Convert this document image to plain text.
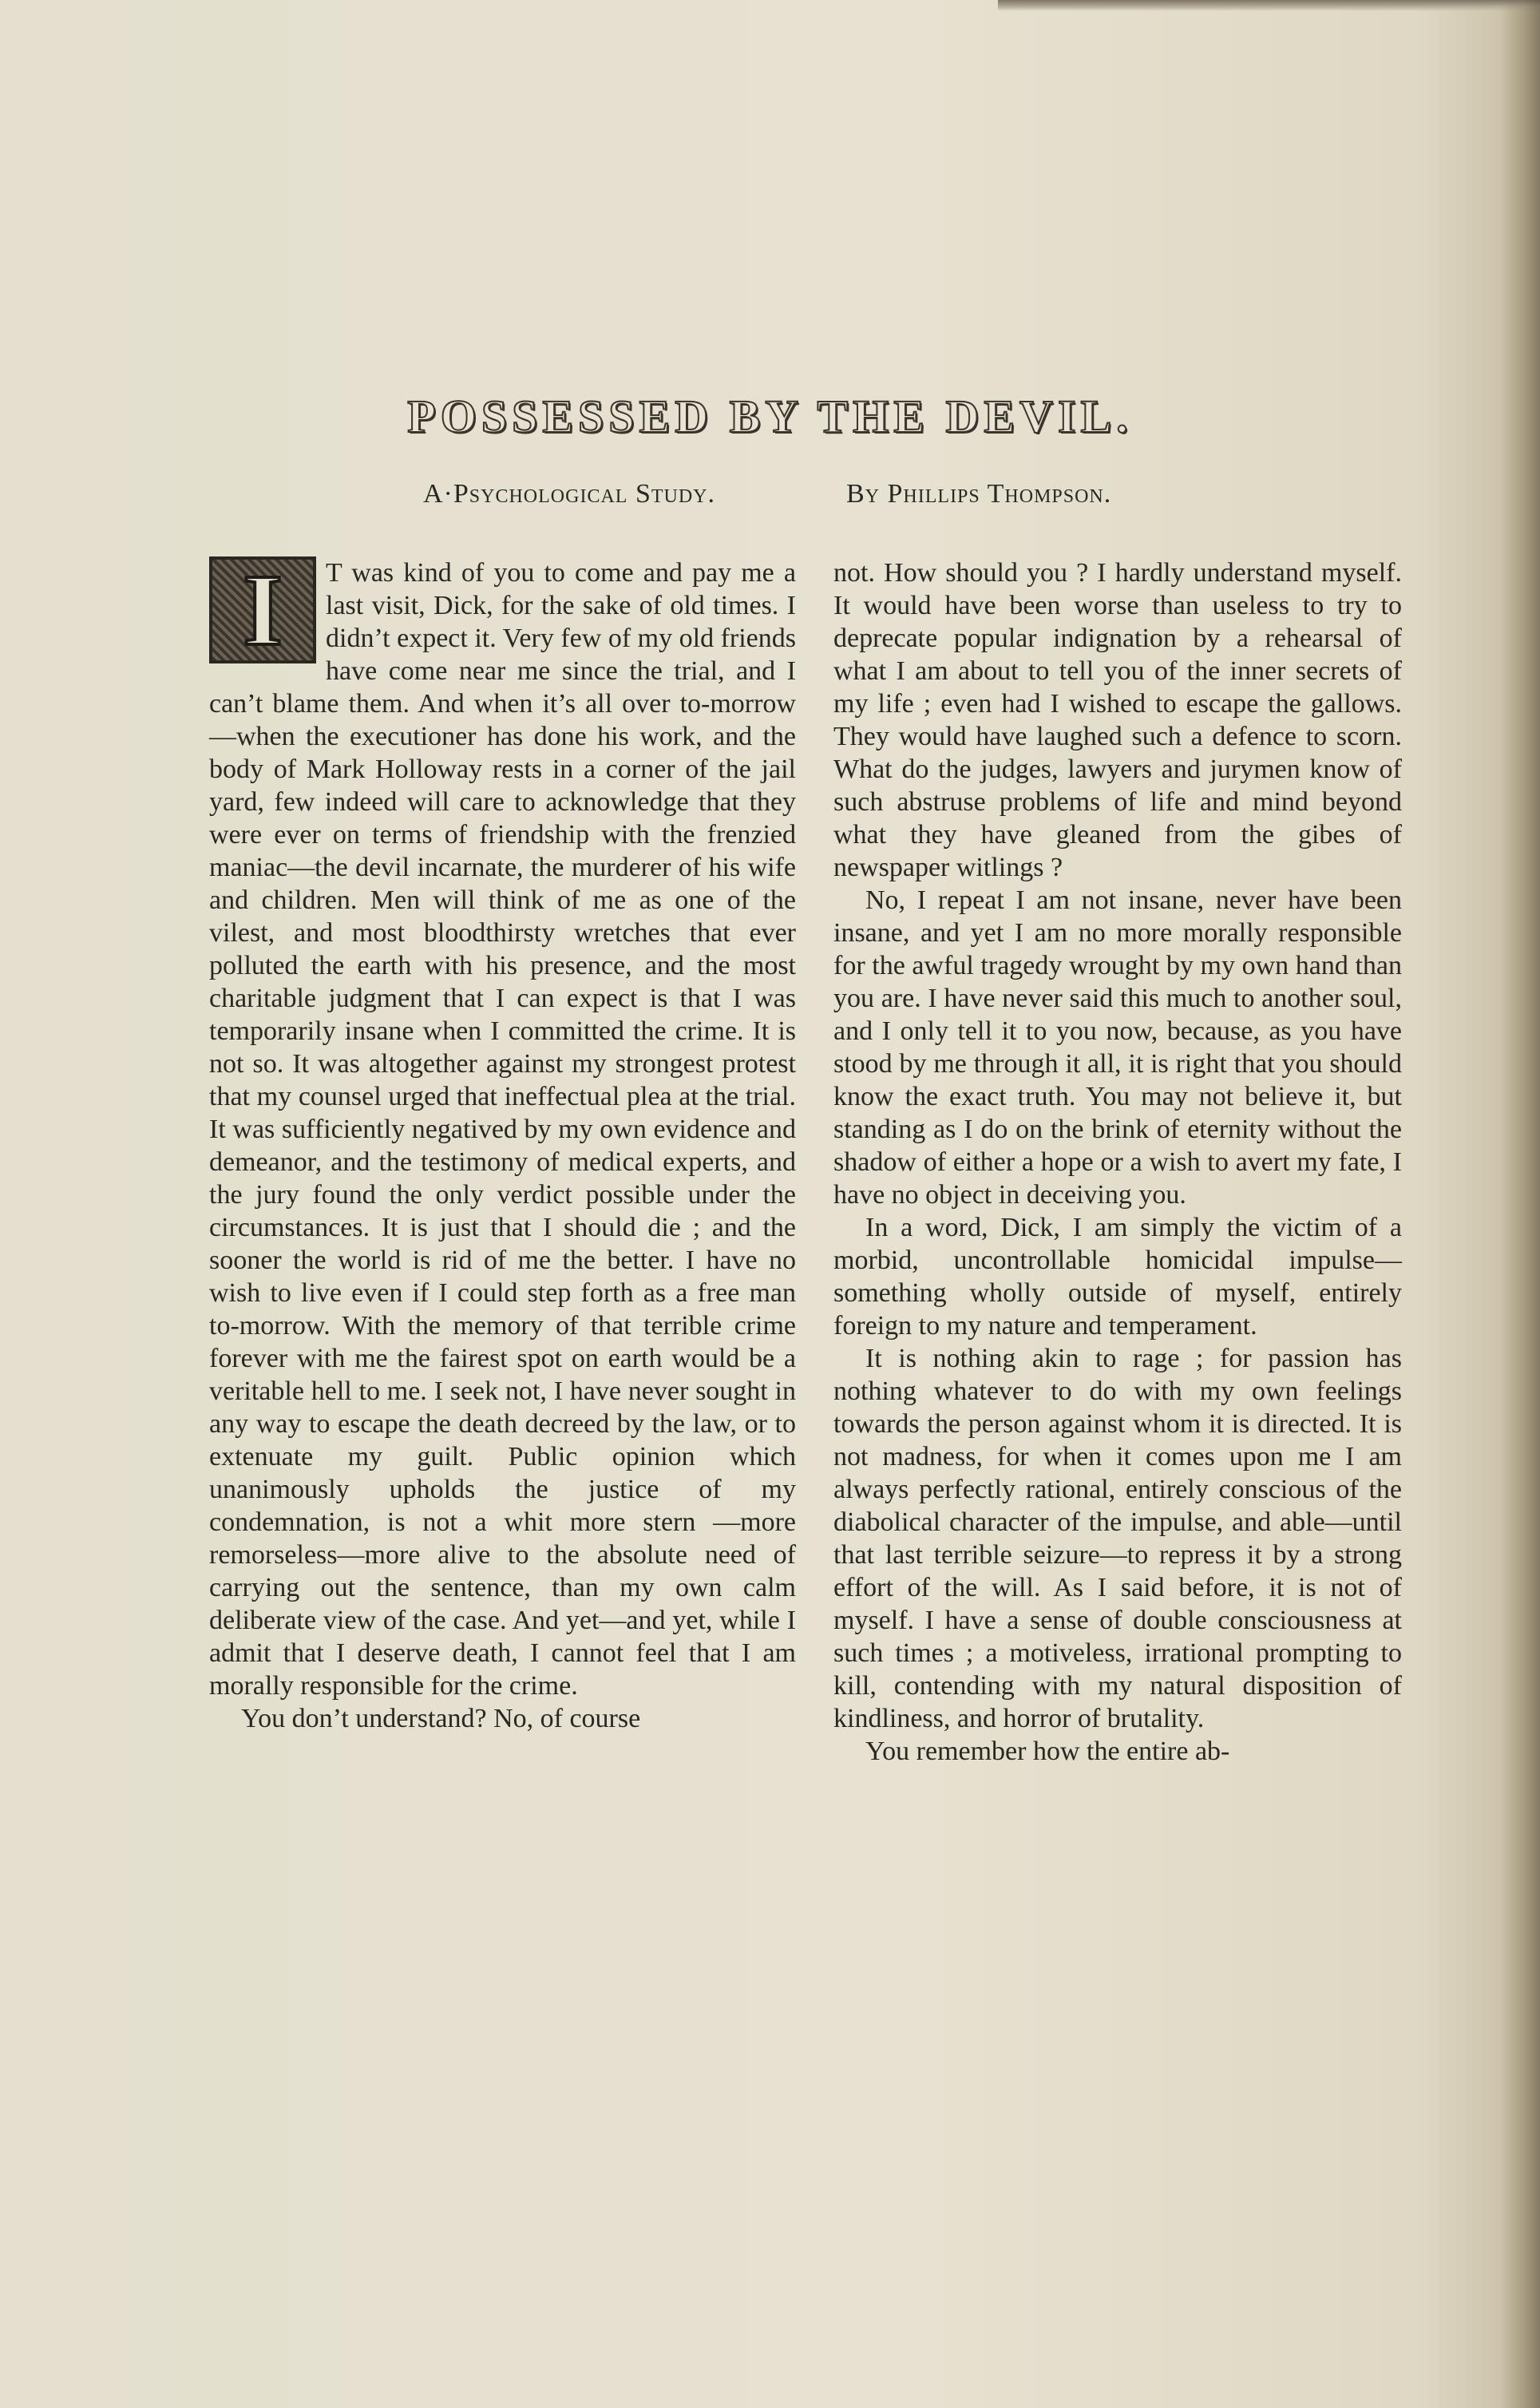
POSSESSED BY THE DEVIL.
A·Psychological Study.	By Phillips Thompson.

I T was kind of you to come and pay me a last visit, Dick, for the sake of old times. I didn’t expect it. Very few of my old friends have come near me since the trial, and I can’t blame them. And when it’s all over to-morrow—when the executioner has done his work, and the body of Mark Holloway rests in a corner of the jail yard, few indeed will care to acknowledge that they were ever on terms of friendship with the frenzied maniac—the devil incarnate, the murderer of his wife and children. Men will think of me as one of the vilest, and most bloodthirsty wretches that ever polluted the earth with his presence, and the most charitable judgment that I can expect is that I was temporarily insane when I committed the crime. It is not so. It was altogether against my strongest protest that my counsel urged that ineffectual plea at the trial. It was sufficiently negatived by my own evidence and demeanor, and the testimony of medical experts, and the jury found the only verdict possible under the circumstances. It is just that I should die ; and the sooner the world is rid of me the better. I have no wish to live even if I could step forth as a free man to-morrow. With the memory of that terrible crime forever with me the fairest spot on earth would be a veritable hell to me. I seek not, I have never sought in any way to escape the death decreed by the law, or to extenuate my guilt. Public opinion which unanimously upholds the justice of my condemnation, is not a whit more stern —more remorseless—more alive to the absolute need of carrying out the sentence, than my own calm deliberate view of the case. And yet—and yet, while I admit that I deserve death, I cannot feel that I am morally responsible for the crime.

You don’t understand? No, of course

not. How should you ? I hardly understand myself. It would have been worse than useless to try to deprecate popular indignation by a rehearsal of what I am about to tell you of the inner secrets of my life ; even had I wished to escape the gallows. They would have laughed such a defence to scorn. What do the judges, lawyers and jurymen know of such abstruse problems of life and mind beyond what they have gleaned from the gibes of newspaper witlings ?

No, I repeat I am not insane, never have been insane, and yet I am no more morally responsible for the awful tragedy wrought by my own hand than you are. I have never said this much to another soul, and I only tell it to you now, because, as you have stood by me through it all, it is right that you should know the exact truth. You may not believe it, but standing as I do on the brink of eternity without the shadow of either a hope or a wish to avert my fate, I have no object in deceiving you.

In a word, Dick, I am simply the victim of a morbid, uncontrollable homicidal impulse—something wholly outside of myself, entirely foreign to my nature and temperament.

It is nothing akin to rage ; for passion has nothing whatever to do with my own feelings towards the person against whom it is directed. It is not madness, for when it comes upon me I am always perfectly rational, entirely conscious of the diabolical character of the impulse, and able—until that last terrible seizure—to repress it by a strong effort of the will. As I said before, it is not of myself. I have a sense of double consciousness at such times ; a motiveless, irrational prompting to kill, contending with my natural disposition of kindliness, and horror of brutality.

You remember how the entire ab-
